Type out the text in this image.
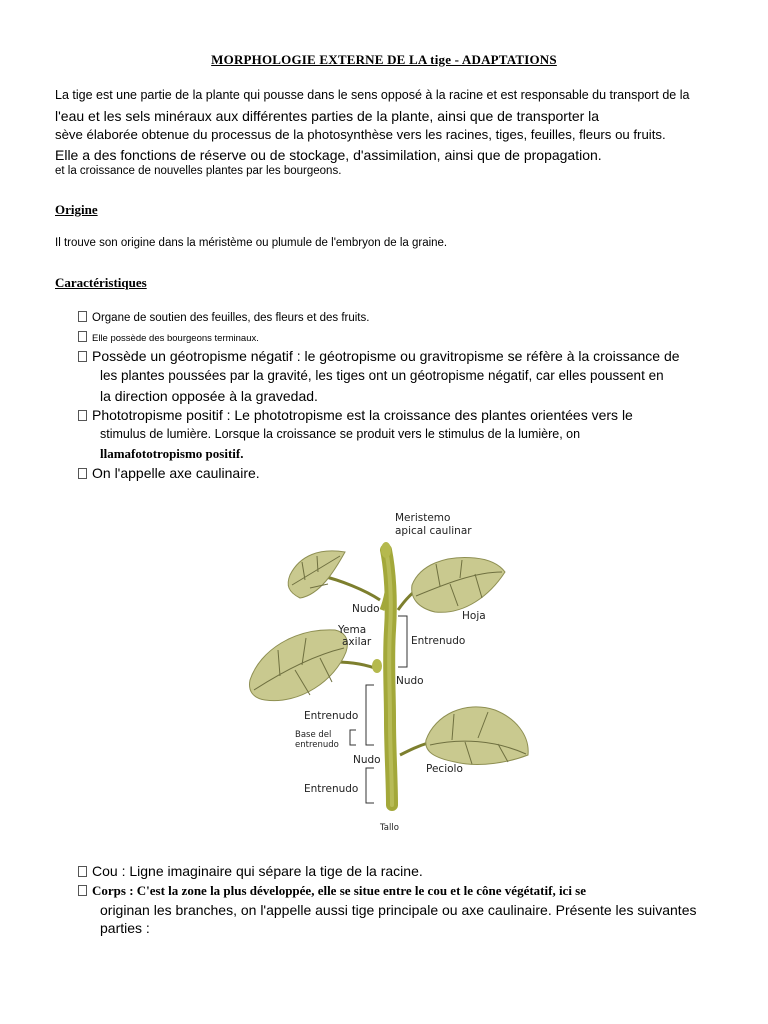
MORPHOLOGIE EXTERNE DE LA tige - ADAPTATIONS
La tige est une partie de la plante qui pousse dans le sens opposé à la racine et est responsable du transport de la
l'eau et les sels minéraux aux différentes parties de la plante, ainsi que de transporter la
sève élaborée obtenue du processus de la photosynthèse vers les racines, tiges, feuilles, fleurs ou fruits.
Elle a des fonctions de réserve ou de stockage, d'assimilation, ainsi que de propagation.
et la croissance de nouvelles plantes par les bourgeons.
Origine
Il trouve son origine dans la méristème ou plumule de l'embryon de la graine.
Caractéristiques
Organe de soutien des feuilles, des fleurs et des fruits.
Elle possède des bourgeons terminaux.
Possède un géotropisme négatif : le géotropisme ou gravitropisme se réfère à la croissance de
les plantes poussées par la gravité, les tiges ont un géotropisme négatif, car elles poussent en
la direction opposée à la gravedad.
Phototropisme positif : Le phototropisme est la croissance des plantes orientées vers le
stimulus de lumière. Lorsque la croissance se produit vers le stimulus de la lumière, on
llamafototropismo positif.
On l'appelle axe caulinaire.
Meristemo
apical caulinar
Nudo
Hoja
Yema
axilar	Entrenudo
Nudo
Entrenudo
Base del
entrenudo
Nudo
Peciolo
Entrenudo
Tallo
Cou : Ligne imaginaire qui sépare la tige de la racine.
Corps : C'est la zone la plus développée, elle se situe entre le cou et le cône végétatif, ici se
originan les branches, on l'appelle aussi tige principale ou axe caulinaire. Présente les suivantes
parties :
